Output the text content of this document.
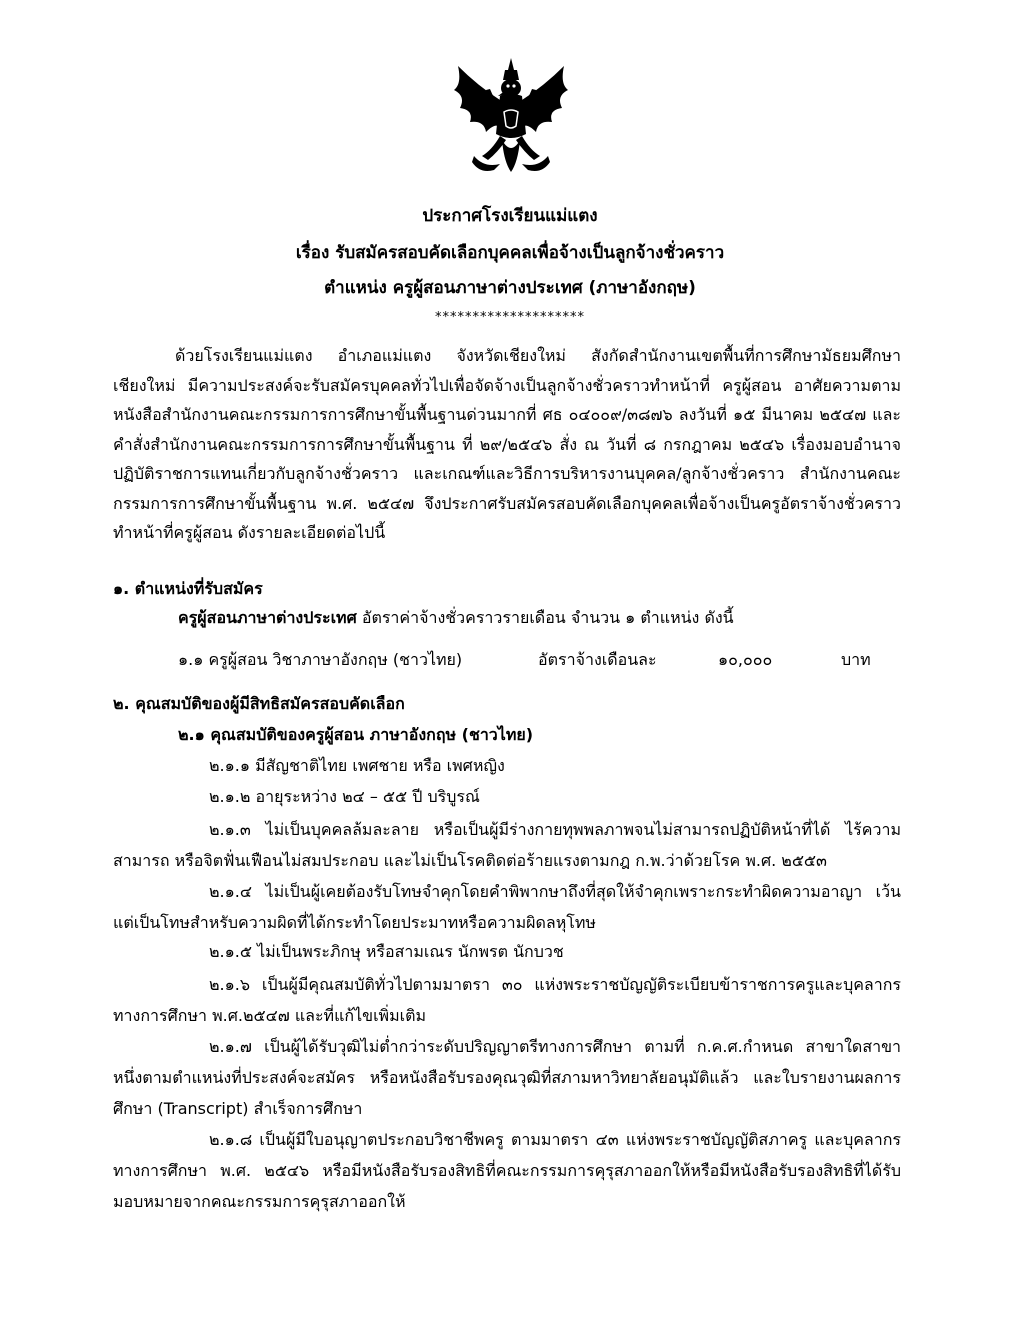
ประกาศโรงเรียนแม่แตง
เรื่อง รับสมัครสอบคัดเลือกบุคคลเพื่อจ้างเป็นลูกจ้างชั่วคราว
ตำแหน่ง ครูผู้สอนภาษาต่างประเทศ (ภาษาอังกฤษ)
********************

ด้วยโรงเรียนแม่แตง อำเภอแม่แตง จังหวัดเชียงใหม่ สังกัดสำนักงานเขตพื้นที่การศึกษามัธยมศึกษาเชียงใหม่ มีความประสงค์จะรับสมัครบุคคลทั่วไปเพื่อจัดจ้างเป็นลูกจ้างชั่วคราวทำหน้าที่ ครูผู้สอน อาศัยความตามหนังสือสำนักงานคณะกรรมการการศึกษาขั้นพื้นฐานด่วนมากที่ ศธ ๐๔๐๐๙/๓๘๗๖ ลงวันที่ ๑๕ มีนาคม ๒๕๔๗ และคำสั่งสำนักงานคณะกรรมการการศึกษาขั้นพื้นฐาน ที่ ๒๙/๒๕๔๖ สั่ง ณ วันที่ ๘ กรกฎาคม ๒๕๔๖ เรื่องมอบอำนาจปฏิบัติราชการแทนเกี่ยวกับลูกจ้างชั่วคราว และเกณฑ์และวิธีการบริหารงานบุคคล/ลูกจ้างชั่วคราว สำนักงานคณะกรรมการการศึกษาขั้นพื้นฐาน พ.ศ. ๒๕๔๗ จึงประกาศรับสมัครสอบคัดเลือกบุคคลเพื่อจ้างเป็นครูอัตราจ้างชั่วคราวทำหน้าที่ครูผู้สอน ดังรายละเอียดต่อไปนี้

๑. ตำแหน่งที่รับสมัคร
ครูผู้สอนภาษาต่างประเทศ อัตราค่าจ้างชั่วคราวรายเดือน จำนวน ๑ ตำแหน่ง ดังนี้
๑.๑ ครูผู้สอน วิชาภาษาอังกฤษ (ชาวไทย)	อัตราจ้างเดือนละ	๑๐,๐๐๐	บาท
๒. คุณสมบัติของผู้มีสิทธิสมัครสอบคัดเลือก
๒.๑ คุณสมบัติของครูผู้สอน ภาษาอังกฤษ (ชาวไทย)
๒.๑.๑ มีสัญชาติไทย เพศชาย หรือ เพศหญิง
๒.๑.๒ อายุระหว่าง ๒๔ – ๕๕ ปี บริบูรณ์

๒.๑.๓ ไม่เป็นบุคคลล้มละลาย หรือเป็นผู้มีร่างกายทุพพลภาพจนไม่สามารถปฏิบัติหน้าที่ได้ ไร้ความสามารถ หรือจิตฟั่นเฟือนไม่สมประกอบ และไม่เป็นโรคติดต่อร้ายแรงตามกฎ ก.พ.ว่าด้วยโรค พ.ศ. ๒๕๕๓

๒.๑.๔ ไม่เป็นผู้เคยต้องรับโทษจำคุกโดยคำพิพากษาถึงที่สุดให้จำคุกเพราะกระทำผิดความอาญา เว้นแต่เป็นโทษสำหรับความผิดที่ได้กระทำโดยประมาทหรือความผิดลหุโทษ

๒.๑.๕ ไม่เป็นพระภิกษุ หรือสามเณร นักพรต นักบวช

๒.๑.๖ เป็นผู้มีคุณสมบัติทั่วไปตามมาตรา ๓๐ แห่งพระราชบัญญัติระเบียบข้าราชการครูและบุคลากรทางการศึกษา พ.ศ.๒๕๔๗ และที่แก้ไขเพิ่มเติม

๒.๑.๗ เป็นผู้ได้รับวุฒิไม่ต่ำกว่าระดับปริญญาตรีทางการศึกษา ตามที่ ก.ค.ศ.กำหนด สาขาใดสาขาหนึ่งตามตำแหน่งที่ประสงค์จะสมัคร หรือหนังสือรับรองคุณวุฒิที่สภามหาวิทยาลัยอนุมัติแล้ว และใบรายงานผลการศึกษา (Transcript) สำเร็จการศึกษา

๒.๑.๘ เป็นผู้มีใบอนุญาตประกอบวิชาชีพครู ตามมาตรา ๔๓ แห่งพระราชบัญญัติสภาครู และบุคลากรทางการศึกษา พ.ศ. ๒๕๔๖ หรือมีหนังสือรับรองสิทธิที่คณะกรรมการคุรุสภาออกให้หรือมีหนังสือรับรองสิทธิที่ได้รับมอบหมายจากคณะกรรมการคุรุสภาออกให้
